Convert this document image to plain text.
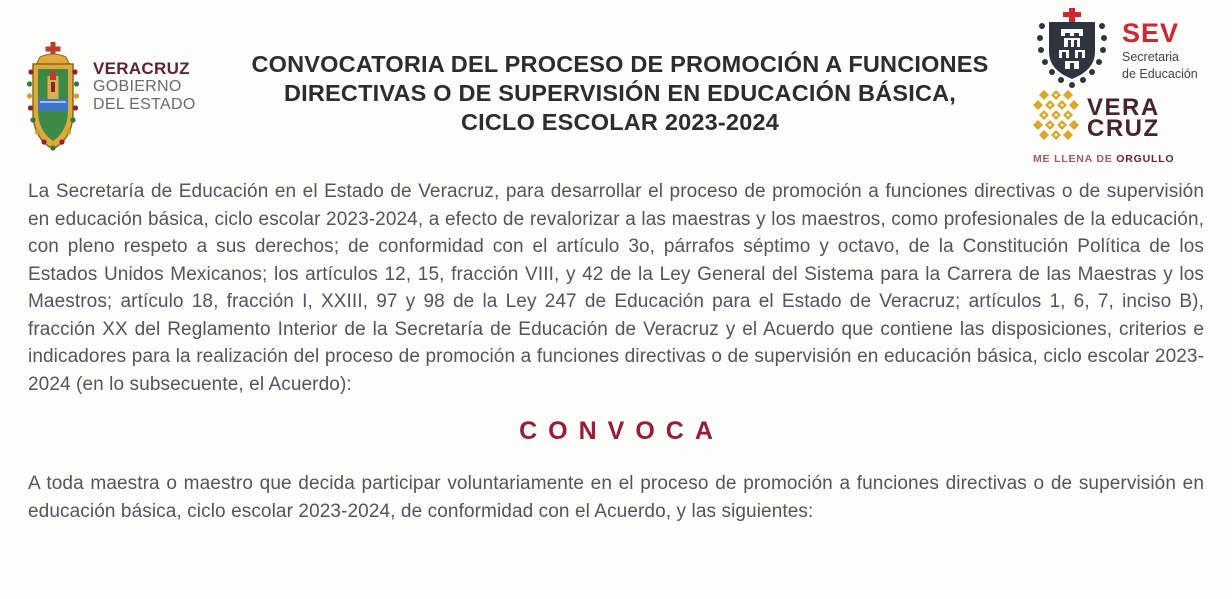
VERACRUZ
GOBIERNO
DEL ESTADO
CONVOCATORIA DEL PROCESO DE PROMOCIÓN A FUNCIONES DIRECTIVAS O DE SUPERVISIÓN EN EDUCACIÓN BÁSICA, CICLO ESCOLAR 2023-2024
SEV
Secretaria
de Educación
VERA
CRUZ
ME LLENA DE ORGULLO

La Secretaría de Educación en el Estado de Veracruz, para desarrollar el proceso de promoción a funciones directivas o de supervisión en educación básica, ciclo escolar 2023-2024, a efecto de revalorizar a las maestras y los maestros, como profesionales de la educación, con pleno respeto a sus derechos; de conformidad con el artículo 3o, párrafos séptimo y octavo, de la Constitución Política de los Estados Unidos Mexicanos; los artículos 12, 15, fracción VIII, y 42 de la Ley General del Sistema para la Carrera de las Maestras y los Maestros; artículo 18, fracción I, XXIII, 97 y 98 de la Ley 247 de Educación para el Estado de Veracruz; artículos 1, 6, 7, inciso B), fracción XX del Reglamento Interior de la Secretaría de Educación de Veracruz y el Acuerdo que contiene las disposiciones, criterios e indicadores para la realización del proceso de promoción a funciones directivas o de supervisión en educación básica, ciclo escolar 2023-2024 (en lo subsecuente, el Acuerdo):

CONVOCA

A toda maestra o maestro que decida participar voluntariamente en el proceso de promoción a funciones directivas o de supervisión en educación básica, ciclo escolar 2023-2024, de conformidad con el Acuerdo, y las siguientes:
